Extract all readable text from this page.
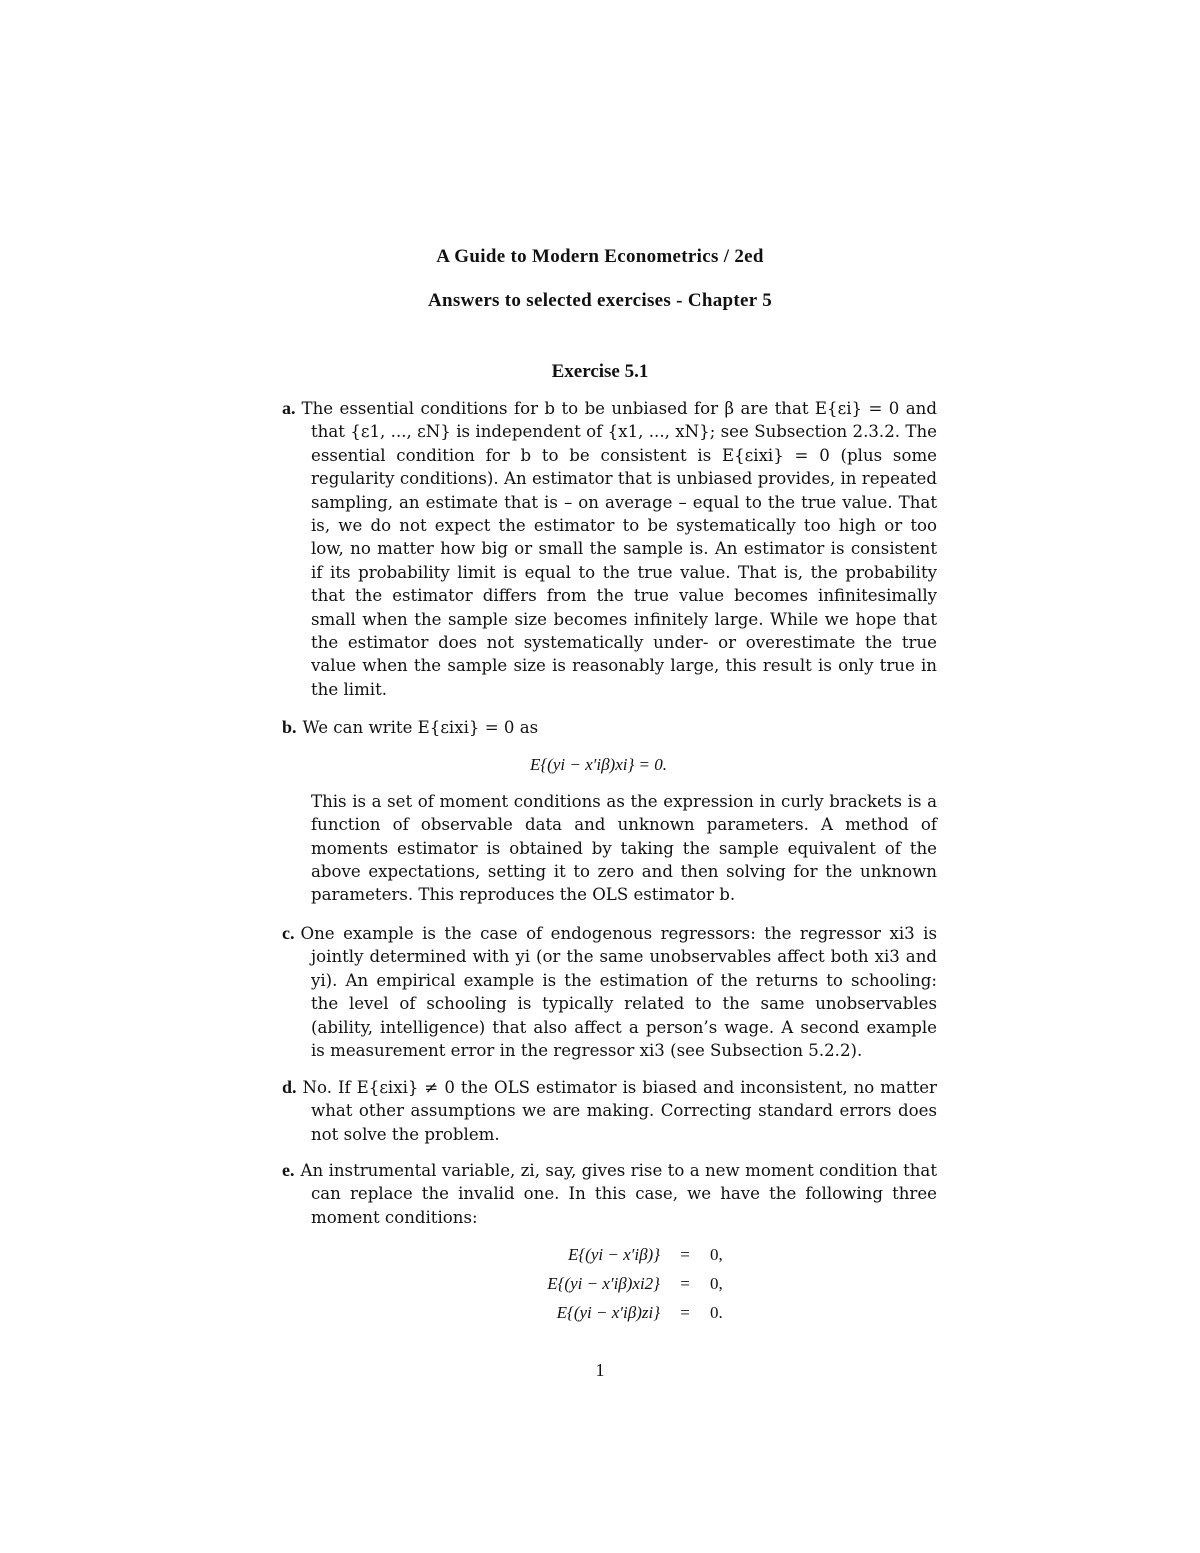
A Guide to Modern Econometrics / 2ed
Answers to selected exercises - Chapter 5
Exercise 5.1

a. The essential conditions for b to be unbiased for β are that E{εi} = 0 and that {ε1, ..., εN} is independent of {x1, ..., xN}; see Subsection 2.3.2. The essential condition for b to be consistent is E{εixi} = 0 (plus some regularity conditions). An estimator that is unbiased provides, in repeated sampling, an estimate that is – on average – equal to the true value. That is, we do not expect the estimator to be systematically too high or too low, no matter how big or small the sample is. An estimator is consistent if its probability limit is equal to the true value. That is, the probability that the estimator differs from the true value becomes infinitesimally small when the sample size becomes infinitely large. While we hope that the estimator does not systematically under- or overestimate the true value when the sample size is reasonably large, this result is only true in the limit.

b. We can write E{εixi} = 0 as

E{(yi − x′iβ)xi} = 0.

This is a set of moment conditions as the expression in curly brackets is a function of observable data and unknown parameters. A method of moments estimator is obtained by taking the sample equivalent of the above expectations, setting it to zero and then solving for the unknown parameters. This reproduces the OLS estimator b.

c. One example is the case of endogenous regressors: the regressor xi3 is jointly determined with yi (or the same unobservables affect both xi3 and yi). An empirical example is the estimation of the returns to schooling: the level of schooling is typically related to the same unobservables (ability, intelligence) that also affect a person’s wage. A second example is measurement error in the regressor xi3 (see Subsection 5.2.2).

d. No. If E{εixi} ≠ 0 the OLS estimator is biased and inconsistent, no matter what other assumptions we are making. Correcting standard errors does not solve the problem.

e. An instrumental variable, zi, say, gives rise to a new moment condition that can replace the invalid one. In this case, we have the following three moment conditions:

E{(yi − x′iβ)}	=	0,
E{(yi − x′iβ)xi2}	=	0,
E{(yi − x′iβ)zi}	=	0.
1
